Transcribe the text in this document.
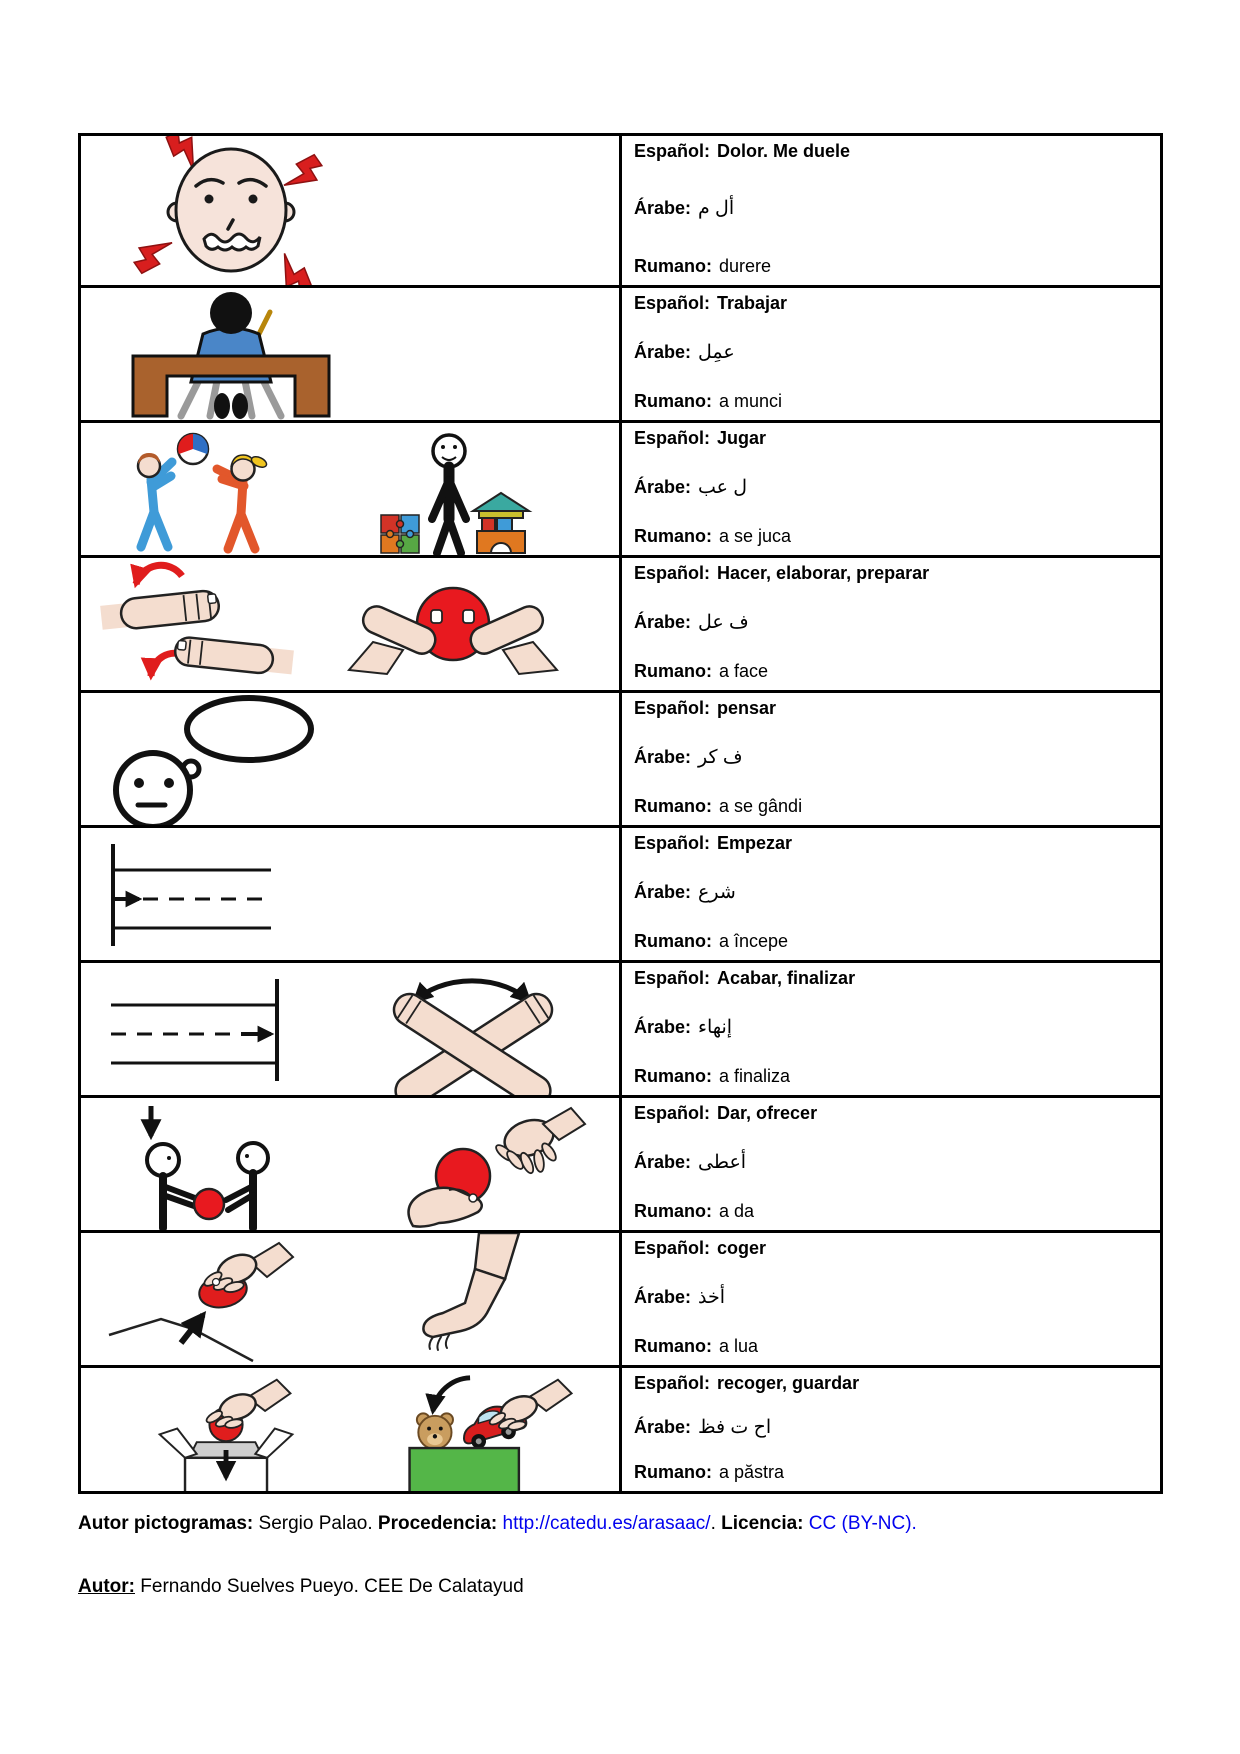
Español: Dolor. Me duele
Árabe: أل م
Rumano: durere
Español: Trabajar
Árabe: عمِل
Rumano: a munci
Español: Jugar
Árabe: ل عب
Rumano: a se juca
Español: Hacer, elaborar, preparar
Árabe: ف عل
Rumano: a face
Español: pensar
Árabe: ف كر
Rumano: a se gândi
Español: Empezar
Árabe: شرع
Rumano: a începe
Español: Acabar, finalizar
Árabe: إنهاء
Rumano: a finaliza
Español: Dar, ofrecer
Árabe: أعطى
Rumano: a da
Español: coger
Árabe: أخذ
Rumano: a lua
Español: recoger, guardar
Árabe: اح ت فظ
Rumano: a păstra
Autor pictogramas: Sergio Palao. Procedencia: http://catedu.es/arasaac/. Licencia: CC (BY-NC).
Autor: Fernando Suelves Pueyo. CEE De Calatayud
